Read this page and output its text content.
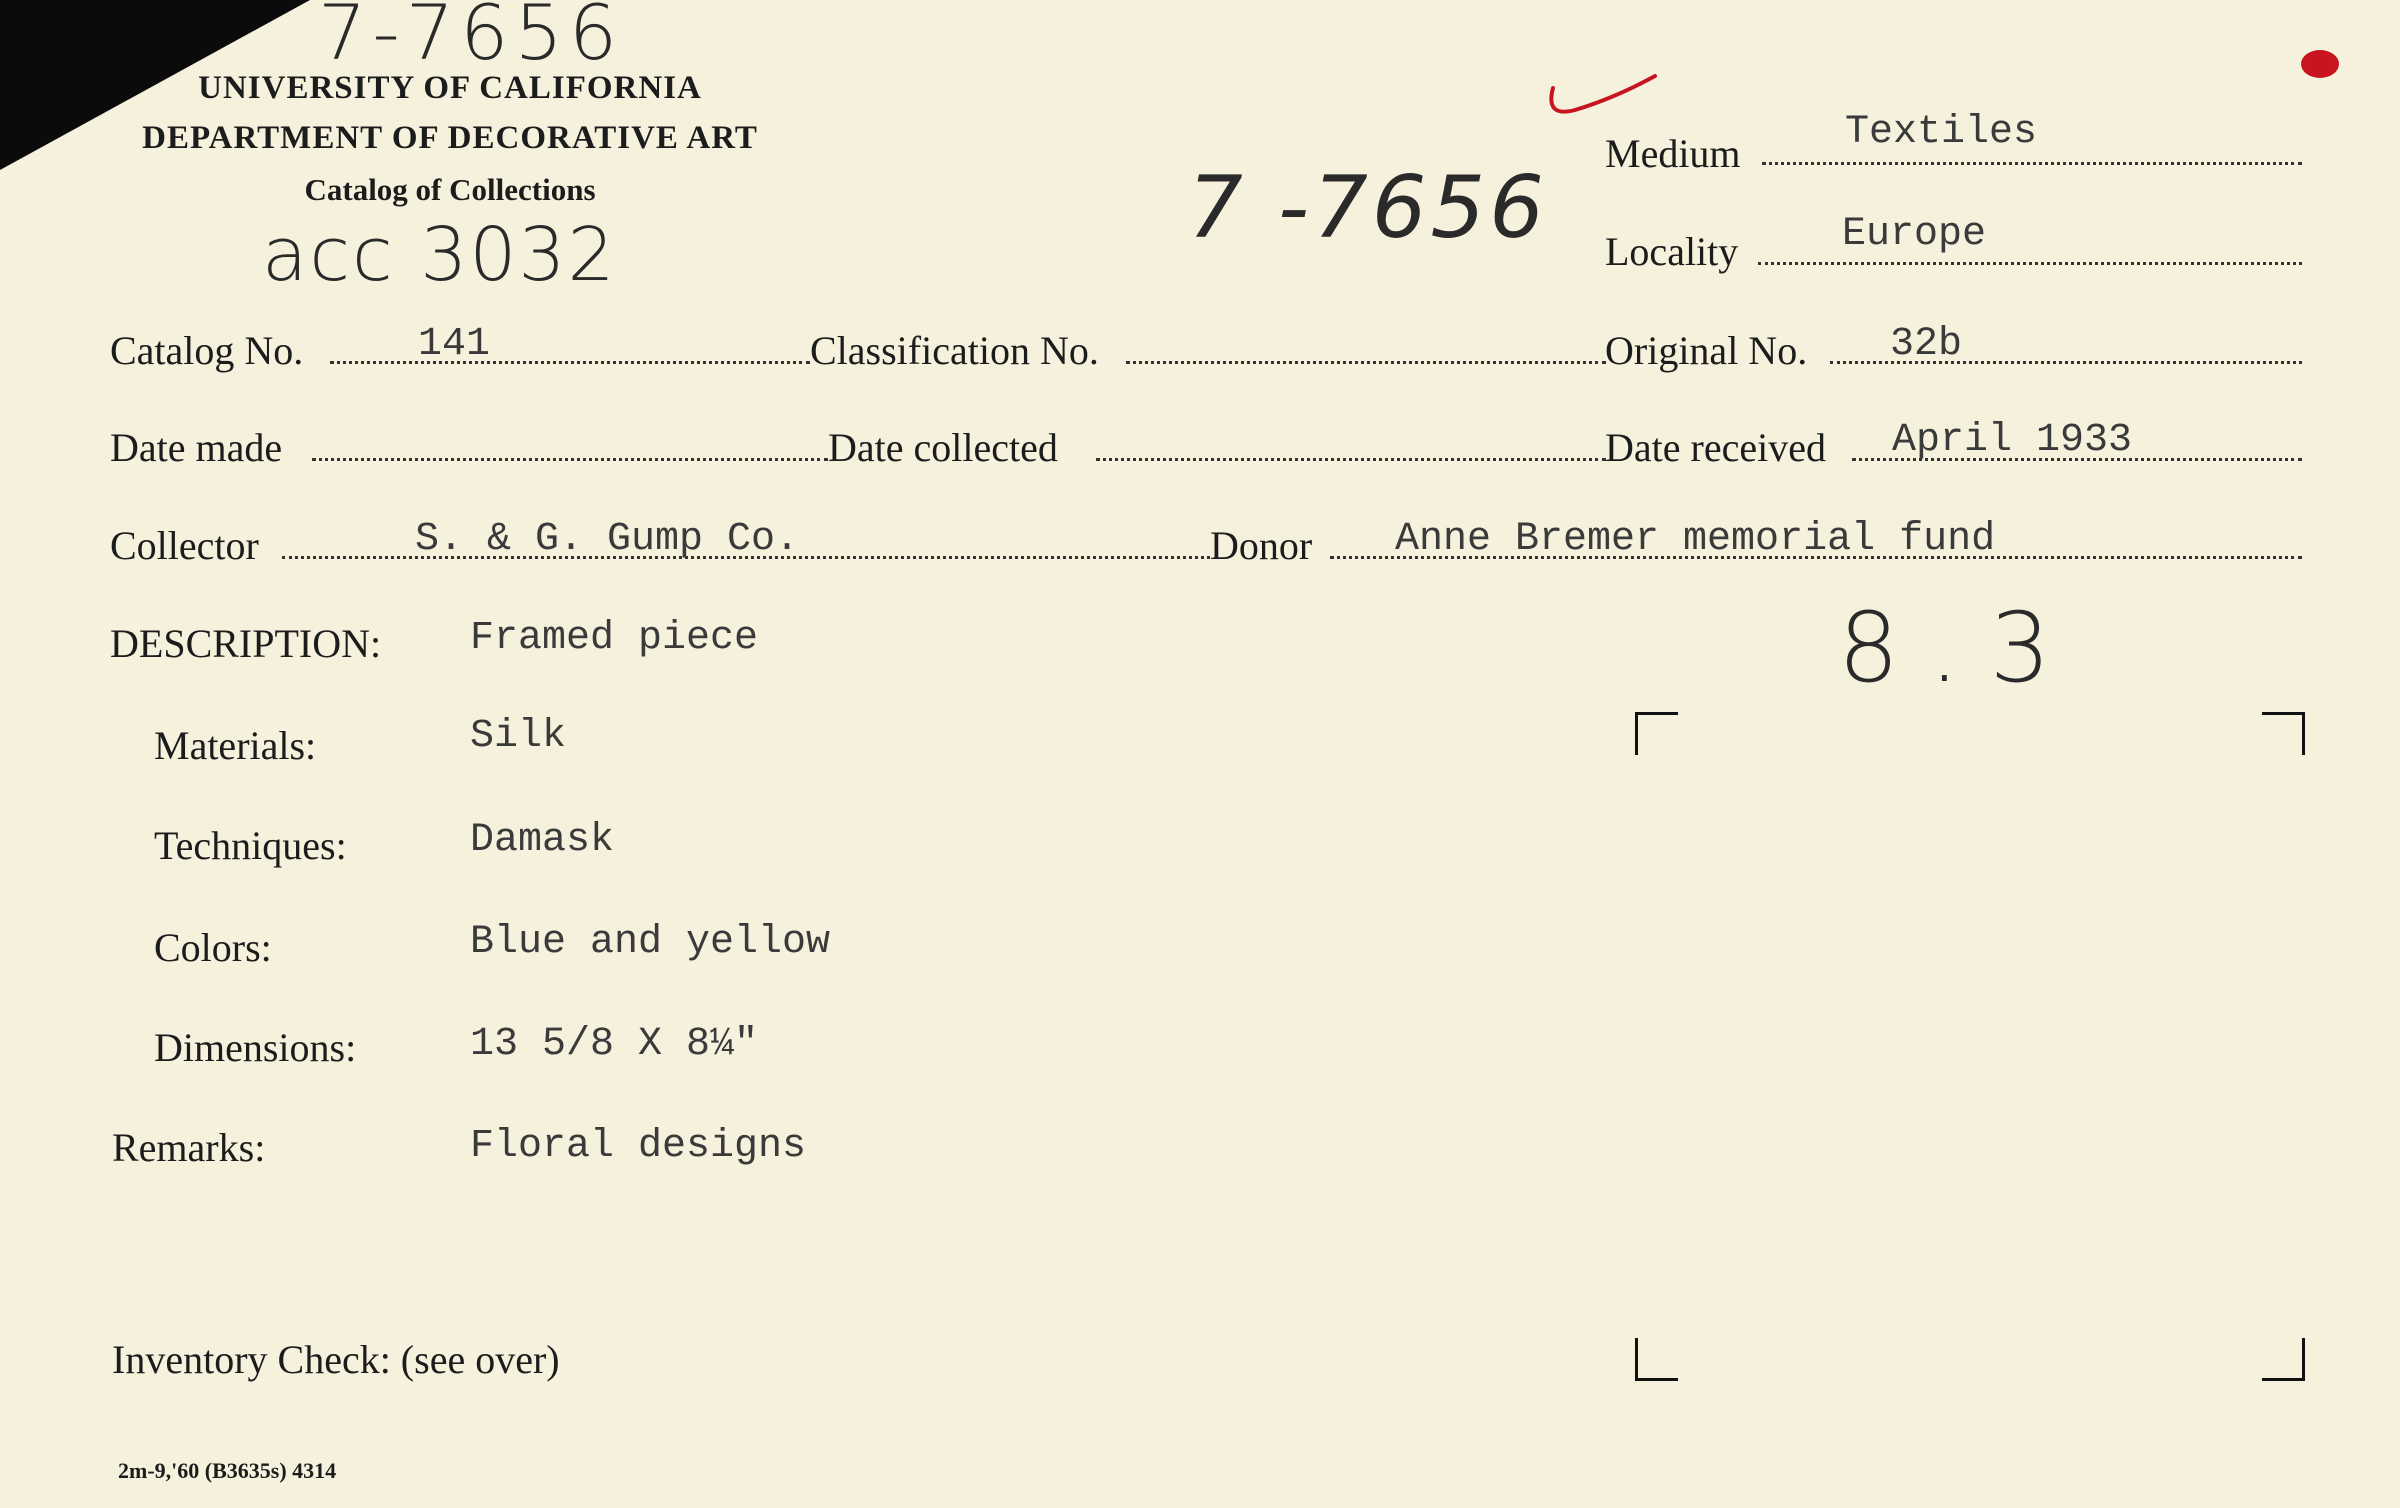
7-7656
acc 3032	7 -7656
8.3
UNIVERSITY OF CALIFORNIA
DEPARTMENT OF DECORATIVE ART
Catalog of Collections
Medium	Textiles
Locality	Europe
Catalog No.	141	Classification No.	Original No. 32b
Date made	Date collected	Date received April 1933
Collector	S. & G. Gump Co.	Donor Anne Bremer memorial fund
DESCRIPTION: Framed piece
Materials:	Silk
Techniques:	Damask
Colors:	Blue and yellow
Dimensions:	13 5/8 X 8¼"
Remarks:	Floral designs
Inventory Check: (see over)
2m-9,'60 (B3635s) 4314
